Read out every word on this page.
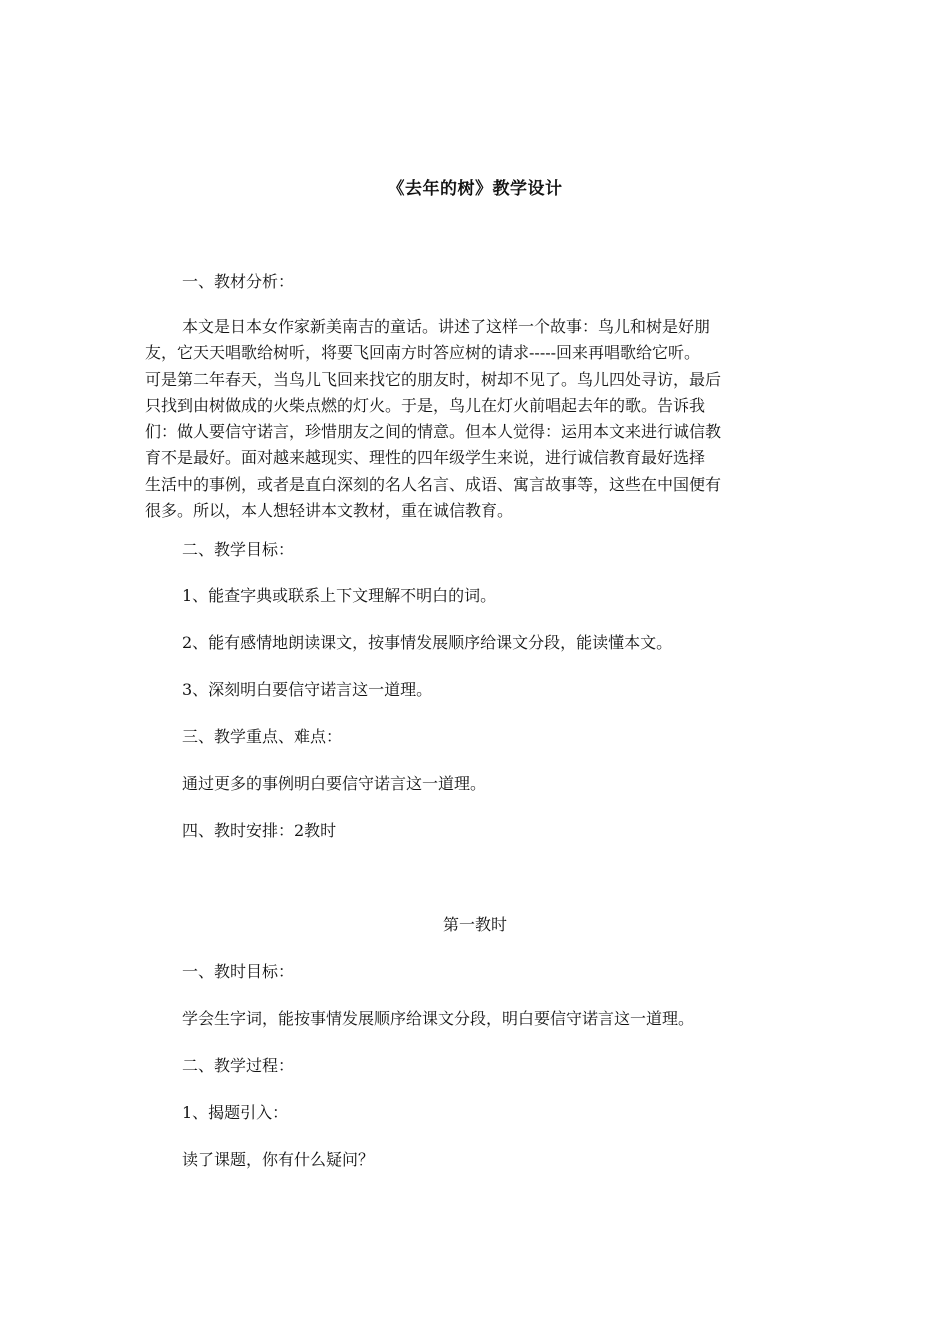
《去年的树》教学设计
一、教材分析：
本文是日本女作家新美南吉的童话。讲述了这样一个故事：鸟儿和树是好朋
友，它天天唱歌给树听，将要飞回南方时答应树的请求-----回来再唱歌给它听。
可是第二年春天，当鸟儿飞回来找它的朋友时，树却不见了。鸟儿四处寻访，最后
只找到由树做成的火柴点燃的灯火。于是，鸟儿在灯火前唱起去年的歌。告诉我
们：做人要信守诺言，珍惜朋友之间的情意。但本人觉得：运用本文来进行诚信教
育不是最好。面对越来越现实、理性的四年级学生来说，进行诚信教育最好选择
生活中的事例，或者是直白深刻的名人名言、成语、寓言故事等，这些在中国便有
很多。所以，本人想轻讲本文教材，重在诚信教育。
二、教学目标：
1、能查字典或联系上下文理解不明白的词。
2、能有感情地朗读课文，按事情发展顺序给课文分段，能读懂本文。
3、深刻明白要信守诺言这一道理。
三、教学重点、难点：
通过更多的事例明白要信守诺言这一道理。
四、教时安排：2教时
第一教时
一、教时目标：
学会生字词，能按事情发展顺序给课文分段，明白要信守诺言这一道理。
二、教学过程：
1、揭题引入：
读了课题，你有什么疑问？
